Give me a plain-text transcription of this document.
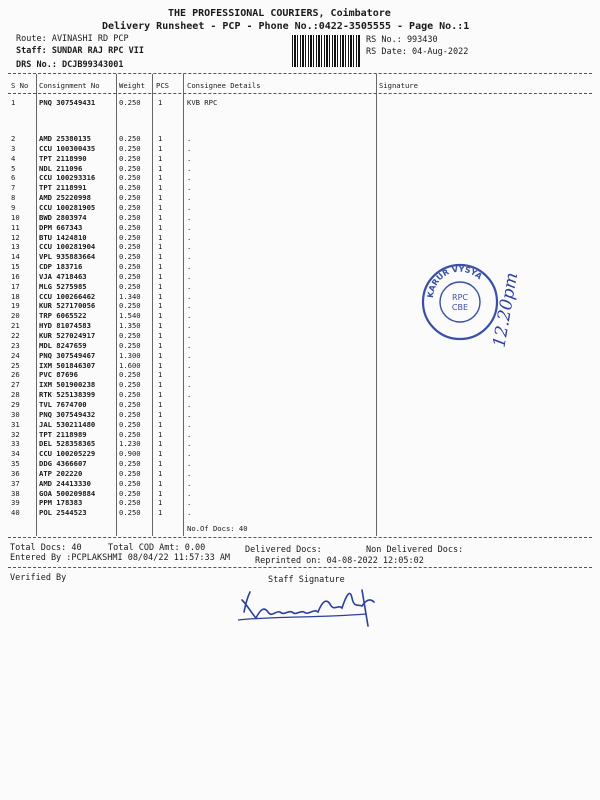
THE PROFESSIONAL COURIERS, Coimbatore
Delivery Runsheet - PCP - Phone No.:0422-3505555 - Page No.:1
Route: AVINASHI RD PCP
Staff: SUNDAR RAJ RPC VII
DRS No.: DCJB99343001
RS No.: 993430
RS Date: 04-Aug-2022
S No Consignment No	Weight PCS	Consignee Details	Signature
1	PNQ 307549431	0.250 1	KVB RPC
2	AMD 25380135	0.250 1	.
3	CCU 100300435	0.250 1	.
4	TPT 2118990	0.250 1	.
5	NDL 211096	0.250 1	.
6	CCU 100293316	0.250 1	.
7	TPT 2118991	0.250 1	.
8	AMD 25220998	0.250 1	.
9	CCU 100281905	0.250 1	.
10	BWD 2803974	0.250 1	.
11	DPM 667343	0.250 1	.
12	BTU 1424810	0.250 1	.
13	CCU 100281904	0.250 1	.
14	VPL 935883664	0.250 1	.
15	CDP 183716	0.250 1	.
16	VJA 4718463	0.250 1	.
17	MLG 5275985	0.250 1	.
18	CCU 100266462	1.340 1	.
19	KUR 527170056	0.250 1	.
20	TRP 6065522	1.540 1	.
21	HYD 81074583	1.350 1	.
22	KUR 527024917	0.250 1	.
23	MDL 8247659	0.250 1	.
24	PNQ 307549467	1.300 1	.
25	IXM 501846307	1.600 1	.
26	PVC 87696	0.250 1	.
27	IXM 501900238	0.250 1	.
28	RTK 525138399	0.250 1	.
29	TVL 7674700	0.250 1	.
30	PNQ 307549432	0.250 1	.
31	JAL 530211480	0.250 1	.
32	TPT 2118989	0.250 1	.
33	DEL 528358365	1.230 1	.
34	CCU 100205229	0.900 1	.
35	DDG 4366607	0.250 1	.
36	ATP 202220	0.250 1	.
37	AMD 24413330	0.250 1	.
38	GOA 500209884	0.250 1	.
39	PPM 178383	0.250 1	.
40	POL 2544523	0.250 1	.
No.Of Docs: 40
Total Docs: 40	Total COD Amt: 0.00	Delivered Docs:	Non Delivered Docs:
Entered By :PCPLAKSHMI 08/04/22 11:57:33 AM	Reprinted on: 04-08-2022 12:05:02
Verified By	Staff Signature
KARUR VYSYA
RPC
CBE 12.20pm
